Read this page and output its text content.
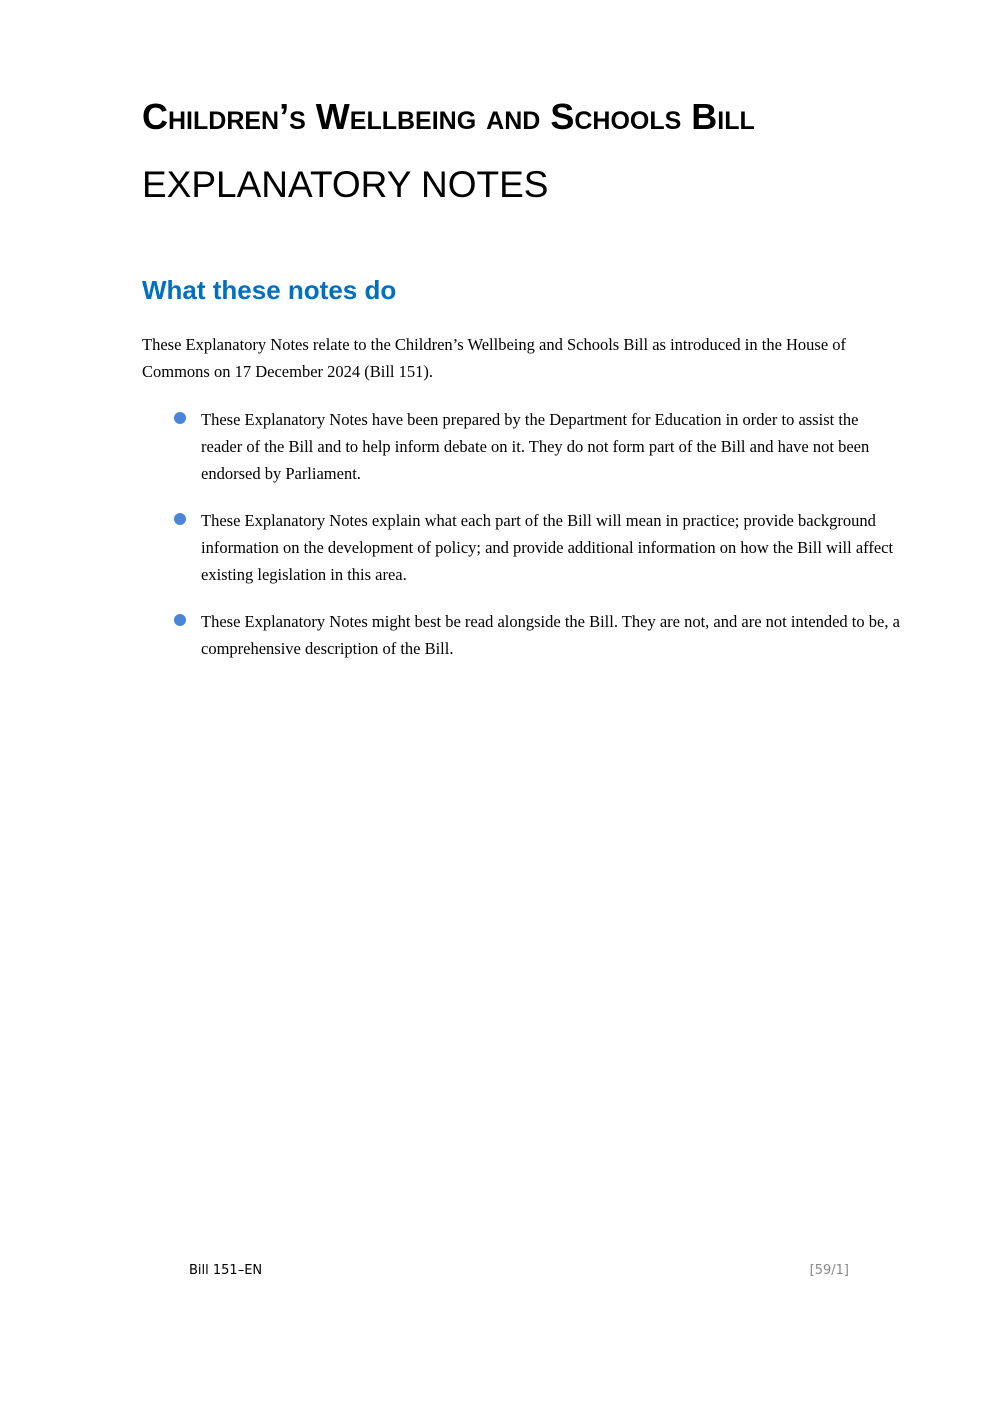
Children’s Wellbeing and Schools Bill
EXPLANATORY NOTES
What these notes do

These Explanatory Notes relate to the Children’s Wellbeing and Schools Bill as introduced in the House of Commons on 17 December 2024 (Bill 151).

These Explanatory Notes have been prepared by the Department for Education in order to assist the reader of the Bill and to help inform debate on it. They do not form part of the Bill and have not been endorsed by Parliament.
These Explanatory Notes explain what each part of the Bill will mean in practice; provide background information on the development of policy; and provide additional information on how the Bill will affect existing legislation in this area.
These Explanatory Notes might best be read alongside the Bill. They are not, and are not intended to be, a comprehensive description of the Bill.
Bill 151–EN	[59/1]
